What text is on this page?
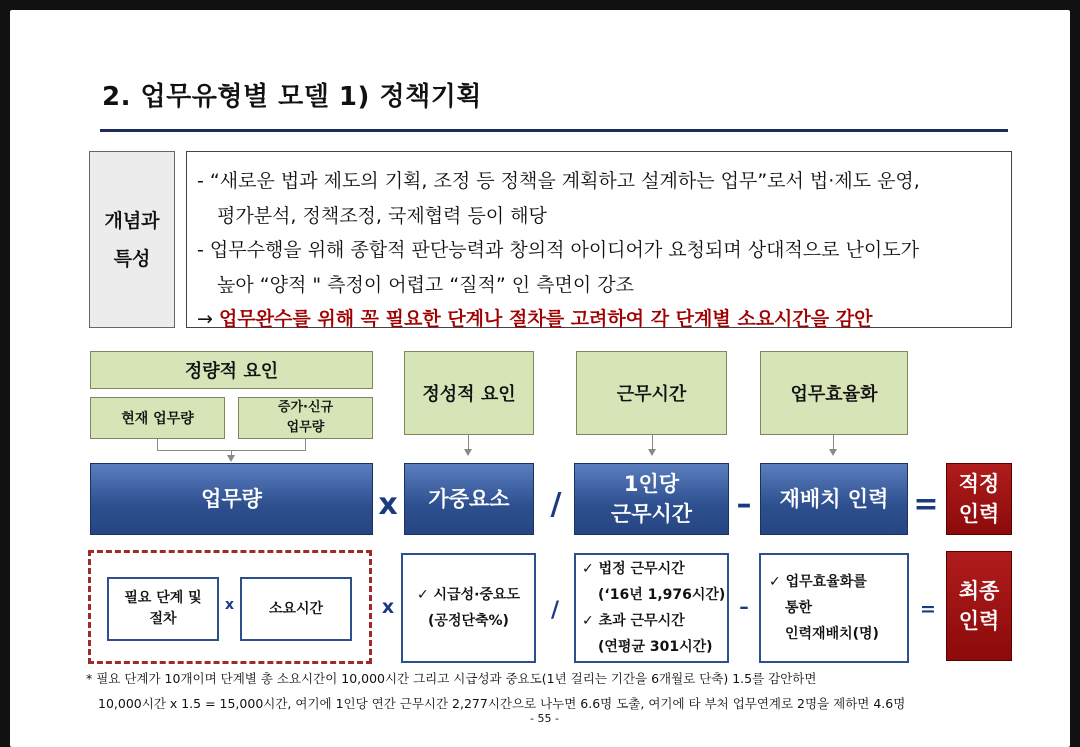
2. 업무유형별 모델 1) 정책기획
개념과
특성
- “새로운 법과 제도의 기획, 조정 등 정책을 계획하고 설계하는 업무”로서 법·제도 운영,
평가분석, 정책조정, 국제협력 등이 해당
- 업무수행을 위해 종합적 판단능력과 창의적 아이디어가 요청되며 상대적으로 난이도가
높아 “양적 " 측정이 어렵고 “질적” 인 측면이 강조
→ 업무완수를 위해 꼭 필요한 단계나 절차를 고려하여 각 단계별 소요시간을 감안
정량적 요인
현재 업무량
증가·신규
업무량
정성적 요인	근무시간	업무효율화
업무량	x	가중요소	/
1인당
근무시간 –	재배치 인력 =
적정
인력
필요 단계 및
절차
x	소요시간	x
✓ 시급성·중요도
(공정단축%)	/
✓ 법정 근무시간
(‘16년 1,976시간)
✓ 초과 근무시간
(연평균 301시간)
–
✓ 업무효율화를
통한
인력재배치(명)
=
최종
인력
* 필요 단계가 10개이며 단계별 총 소요시간이 10,000시간 그리고 시급성과 중요도(1년 걸리는 기간을 6개월로 단축) 1.5를 감안하면
10,000시간 x 1.5 = 15,000시간, 여기에 1인당 연간 근무시간 2,277시간으로 나누면 6.6명 도출, 여기에 타 부처 업무연계로 2명을 제하면 4.6명
- 55 -
